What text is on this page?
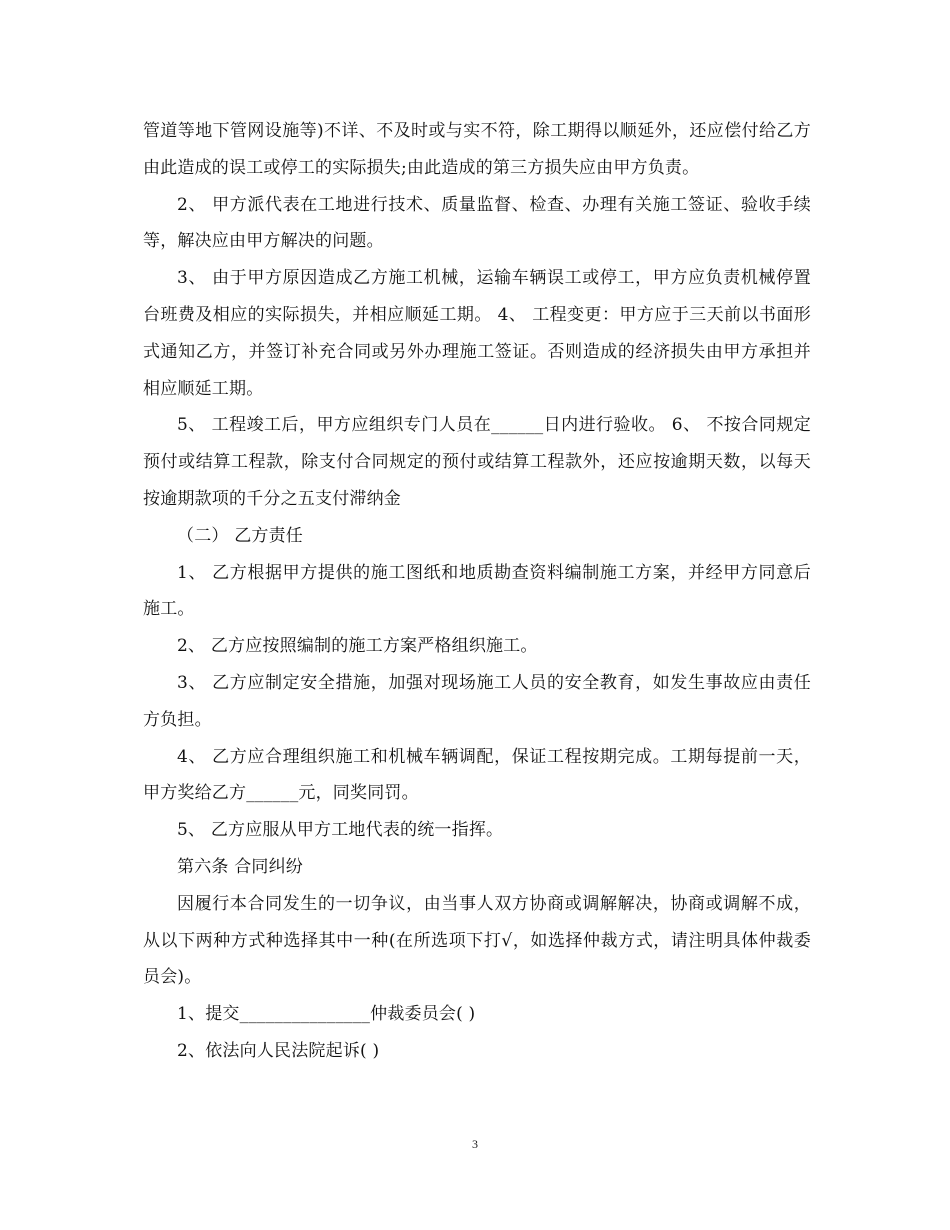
管道等地下管网设施等)不详、不及时或与实不符，除工期得以顺延外，还应偿付给乙方由此造成的误工或停工的实际损失;由此造成的第三方损失应由甲方负责。

2、 甲方派代表在工地进行技术、质量监督、检查、办理有关施工签证、验收手续等，解决应由甲方解决的问题。

3、 由于甲方原因造成乙方施工机械，运输车辆误工或停工，甲方应负责机械停置台班费及相应的实际损失，并相应顺延工期。 4、 工程变更：甲方应于三天前以书面形式通知乙方，并签订补充合同或另外办理施工签证。否则造成的经济损失由甲方承担并相应顺延工期。

5、 工程竣工后，甲方应组织专门人员在______日内进行验收。 6、 不按合同规定预付或结算工程款，除支付合同规定的预付或结算工程款外，还应按逾期天数，以每天按逾期款项的千分之五支付滞纳金

（二） 乙方责任

1、 乙方根据甲方提供的施工图纸和地质勘查资料编制施工方案，并经甲方同意后施工。

2、 乙方应按照编制的施工方案严格组织施工。

3、 乙方应制定安全措施，加强对现场施工人员的安全教育，如发生事故应由责任方负担。

4、 乙方应合理组织施工和机械车辆调配，保证工程按期完成。工期每提前一天，甲方奖给乙方______元，同奖同罚。

5、 乙方应服从甲方工地代表的统一指挥。

第六条 合同纠纷

因履行本合同发生的一切争议，由当事人双方协商或调解解决，协商或调解不成，从以下两种方式种选择其中一种(在所选项下打√，如选择仲裁方式，请注明具体仲裁委员会)。

1、提交_______________仲裁委员会( )

2、依法向人民法院起诉( )

3
